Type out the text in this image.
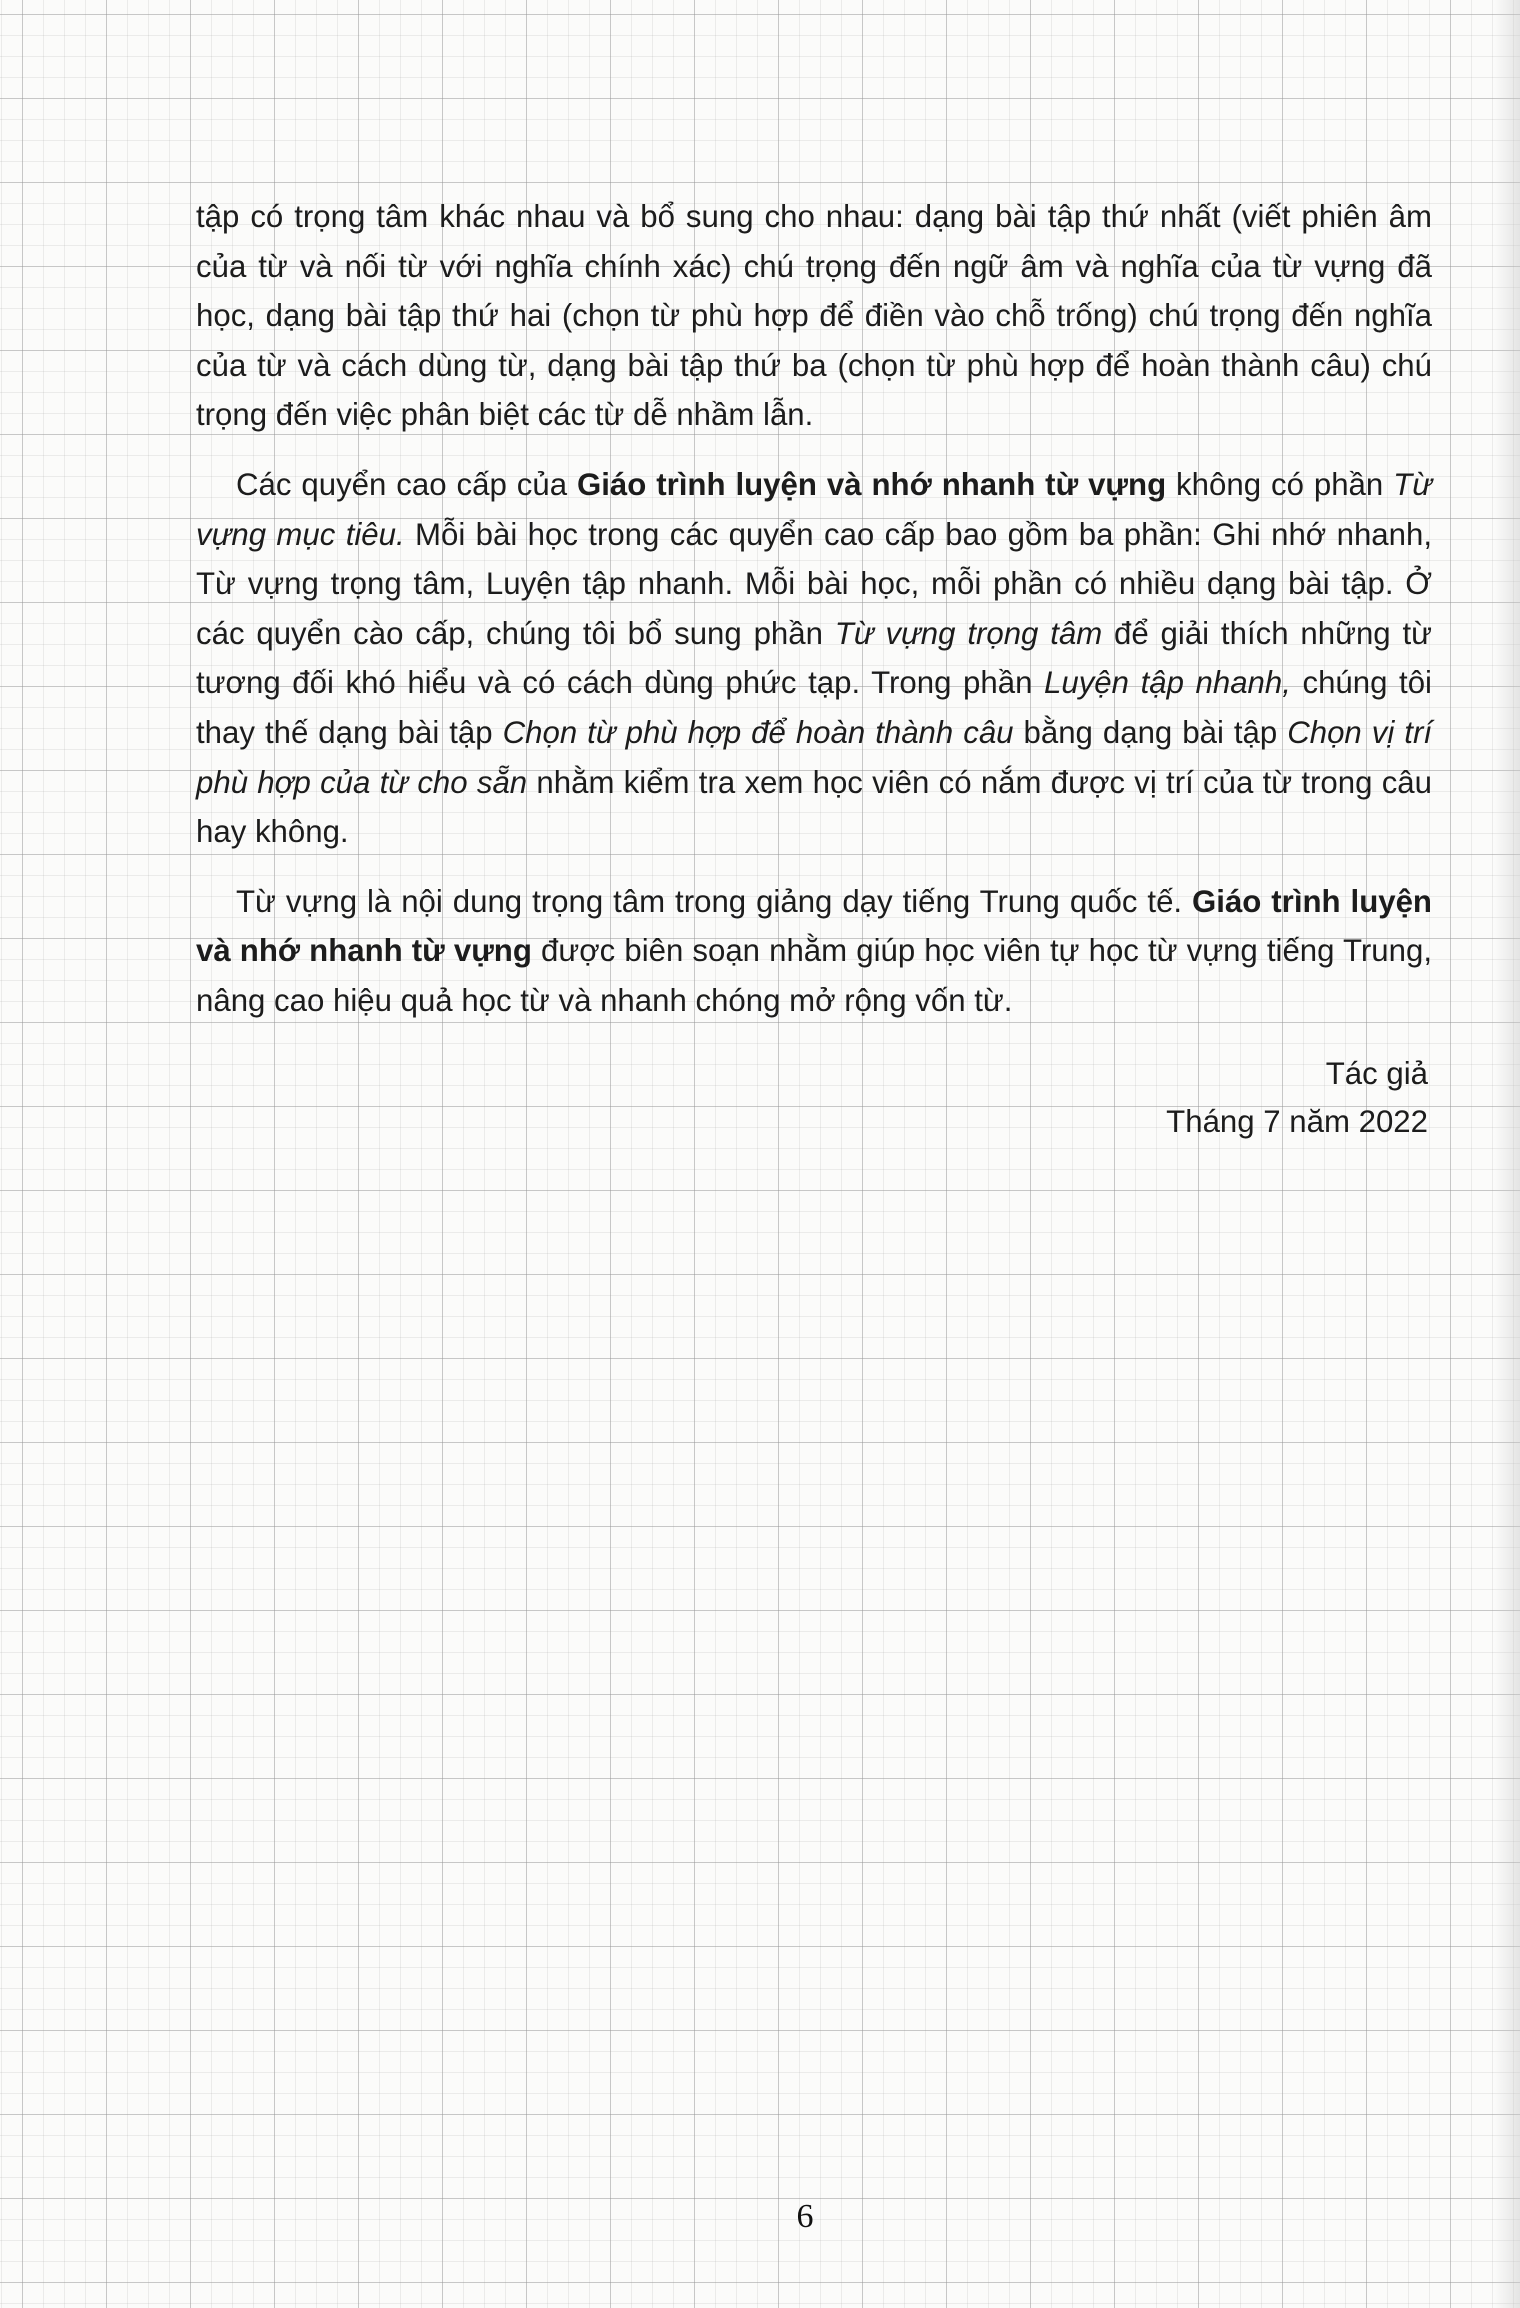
tập có trọng tâm khác nhau và bổ sung cho nhau: dạng bài tập thứ nhất (viết phiên âm của từ và nối từ với nghĩa chính xác) chú trọng đến ngữ âm và nghĩa của từ vựng đã học, dạng bài tập thứ hai (chọn từ phù hợp để điền vào chỗ trống) chú trọng đến nghĩa của từ và cách dùng từ, dạng bài tập thứ ba (chọn từ phù hợp để hoàn thành câu) chú trọng đến việc phân biệt các từ dễ nhầm lẫn.

Các quyển cao cấp của Giáo trình luyện và nhớ nhanh từ vựng không có phần Từ vựng mục tiêu. Mỗi bài học trong các quyển cao cấp bao gồm ba phần: Ghi nhớ nhanh, Từ vựng trọng tâm, Luyện tập nhanh. Mỗi bài học, mỗi phần có nhiều dạng bài tập. Ở các quyển cào cấp, chúng tôi bổ sung phần Từ vựng trọng tâm để giải thích những từ tương đối khó hiểu và có cách dùng phức tạp. Trong phần Luyện tập nhanh, chúng tôi thay thế dạng bài tập Chọn từ phù hợp để hoàn thành câu bằng dạng bài tập Chọn vị trí phù hợp của từ cho sẵn nhằm kiểm tra xem học viên có nắm được vị trí của từ trong câu hay không.

Từ vựng là nội dung trọng tâm trong giảng dạy tiếng Trung quốc tế. Giáo trình luyện và nhớ nhanh từ vựng được biên soạn nhằm giúp học viên tự học từ vựng tiếng Trung, nâng cao hiệu quả học từ và nhanh chóng mở rộng vốn từ.

Tác giả
Tháng 7 năm 2022
6
